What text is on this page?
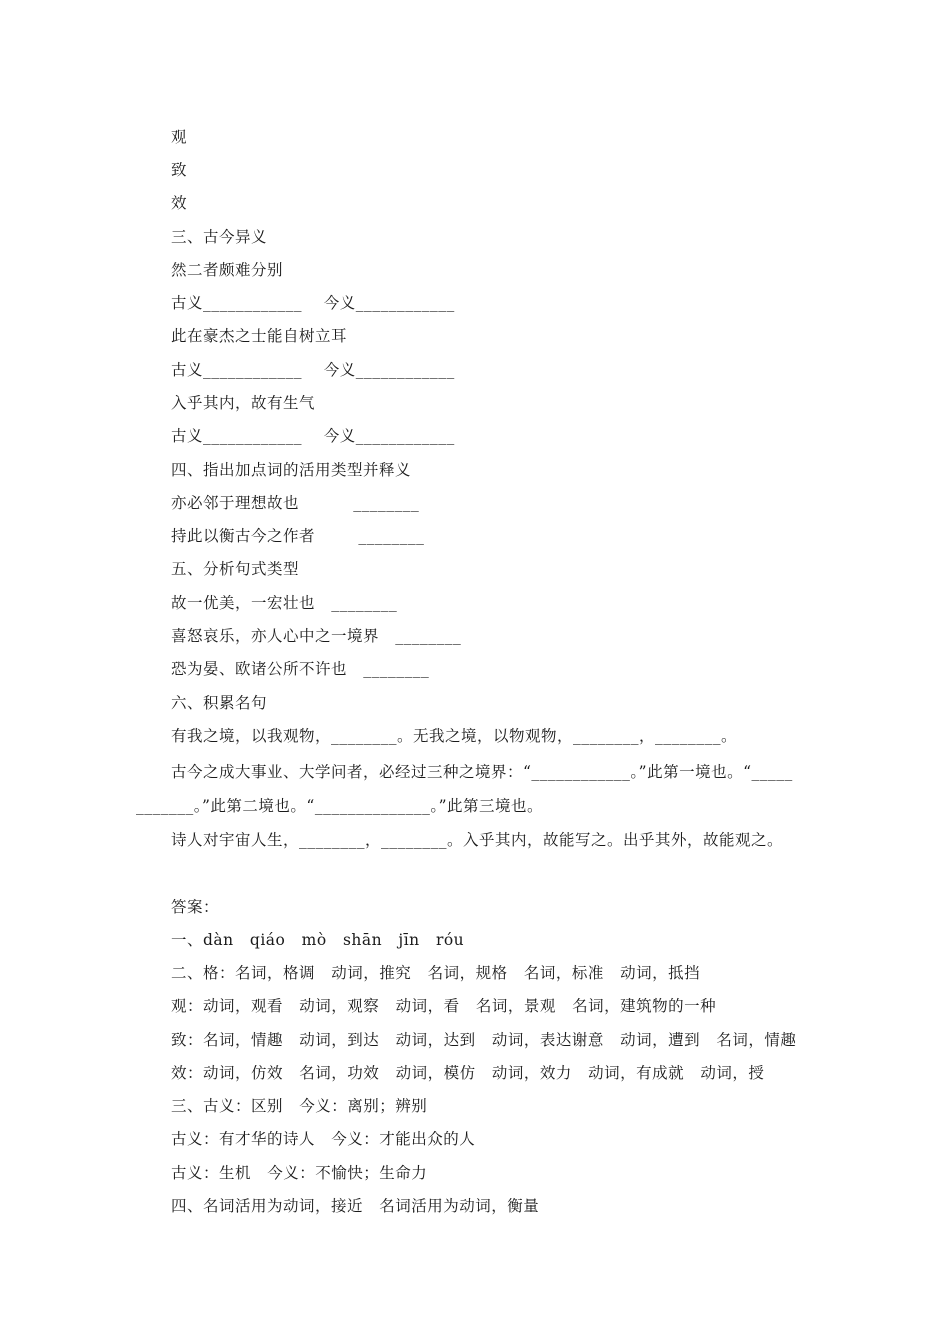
观
致
效
三、古今异义
然二者颇难分别
古义____________    今义____________
此在豪杰之士能自树立耳
古义____________    今义____________
入乎其内，故有生气
古义____________    今义____________
四、指出加点词的活用类型并释义
亦必邻于理想故也          ________
持此以衡古今之作者        ________
五、分析句式类型
故一优美，一宏壮也   ________
喜怒哀乐，亦人心中之一境界   ________
恐为晏、欧诸公所不许也   ________
六、积累名句
有我之境，以我观物，________。无我之境，以物观物，________，________。
古今之成大事业、大学问者，必经过三种之境界：“____________。”此第一境也。“_____
_______。”此第二境也。“______________。”此第三境也。
诗人对宇宙人生，________，________。入乎其内，故能写之。出乎其外，故能观之。
答案：
一、dàn   qiáo   mò   shān   jīn   róu
二、格：名词，格调   动词，推究   名词，规格   名词，标准   动词，抵挡
观：动词，观看   动词，观察   动词，看   名词，景观   名词，建筑物的一种
致：名词，情趣   动词，到达   动词，达到   动词，表达谢意   动词，遭到   名词，情趣
效：动词，仿效   名词，功效   动词，模仿   动词，效力   动词，有成就   动词，授
三、古义：区别   今义：离别；辨别
古义：有才华的诗人   今义：才能出众的人
古义：生机   今义：不愉快；生命力
四、名词活用为动词，接近   名词活用为动词，衡量
